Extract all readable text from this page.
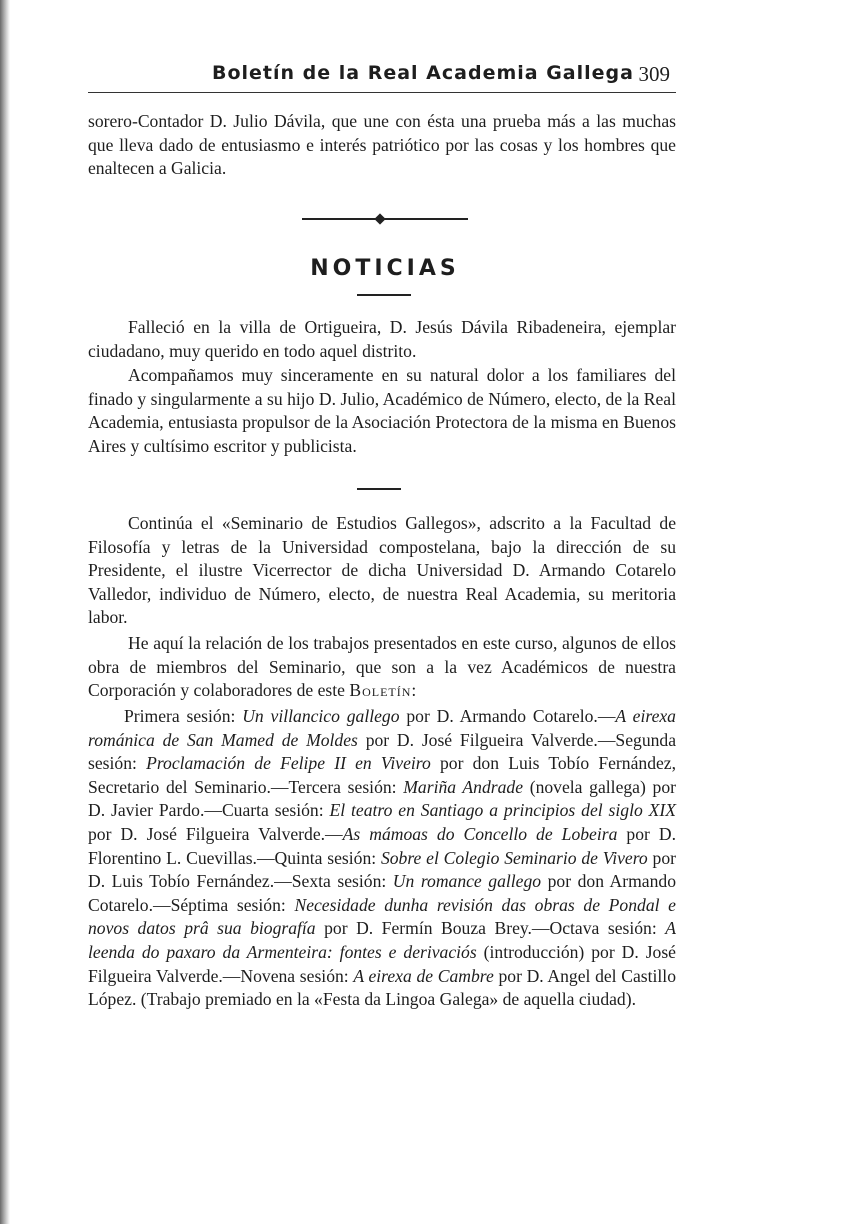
Boletín de la Real Academia Gallega 309

sorero-Contador D. Julio Dávila, que une con ésta una prueba más a las muchas que lleva dado de entusiasmo e interés patriótico por las cosas y los hombres que enaltecen a Galicia.

NOTICIAS

Falleció en la villa de Ortigueira, D. Jesús Dávila Ribadeneira, ejemplar ciudadano, muy querido en todo aquel distrito.

Acompañamos muy sinceramente en su natural dolor a los familiares del finado y singularmente a su hijo D. Julio, Académico de Número, electo, de la Real Academia, entusiasta propulsor de la Asociación Protectora de la misma en Buenos Aires y cultísimo escritor y publicista.

Continúa el «Seminario de Estudios Gallegos», adscrito a la Facultad de Filosofía y letras de la Universidad compostelana, bajo la dirección de su Presidente, el ilustre Vicerrector de dicha Universidad D. Armando Cotarelo Valledor, individuo de Número, electo, de nuestra Real Academia, su meritoria labor.

He aquí la relación de los trabajos presentados en este curso, algunos de ellos obra de miembros del Seminario, que son a la vez Académicos de nuestra Corporación y colaboradores de este Boletín:

Primera sesión: Un villancico gallego por D. Armando Cotarelo.—A eirexa románica de San Mamed de Moldes por D. José Filgueira Valverde.—Segunda sesión: Proclamación de Felipe II en Viveiro por don Luis Tobío Fernández, Secretario del Seminario.—Tercera sesión: Mariña Andrade (novela gallega) por D. Javier Pardo.—Cuarta sesión: El teatro en Santiago a principios del siglo XIX por D. José Filgueira Valverde.—As mámoas do Concello de Lobeira por D. Florentino L. Cuevillas.—Quinta sesión: Sobre el Colegio Seminario de Vivero por D. Luis Tobío Fernández.—Sexta sesión: Un romance gallego por don Armando Cotarelo.—Séptima sesión: Necesidade dunha revisión das obras de Pondal e novos datos prâ sua biografía por D. Fermín Bouza Brey.—Octava sesión: A leenda do paxaro da Armenteira: fontes e derivaciós (introducción) por D. José Filgueira Valverde.—Novena sesión: A eirexa de Cambre por D. Angel del Castillo López. (Trabajo premiado en la «Festa da Lingoa Galega» de aquella ciudad).
